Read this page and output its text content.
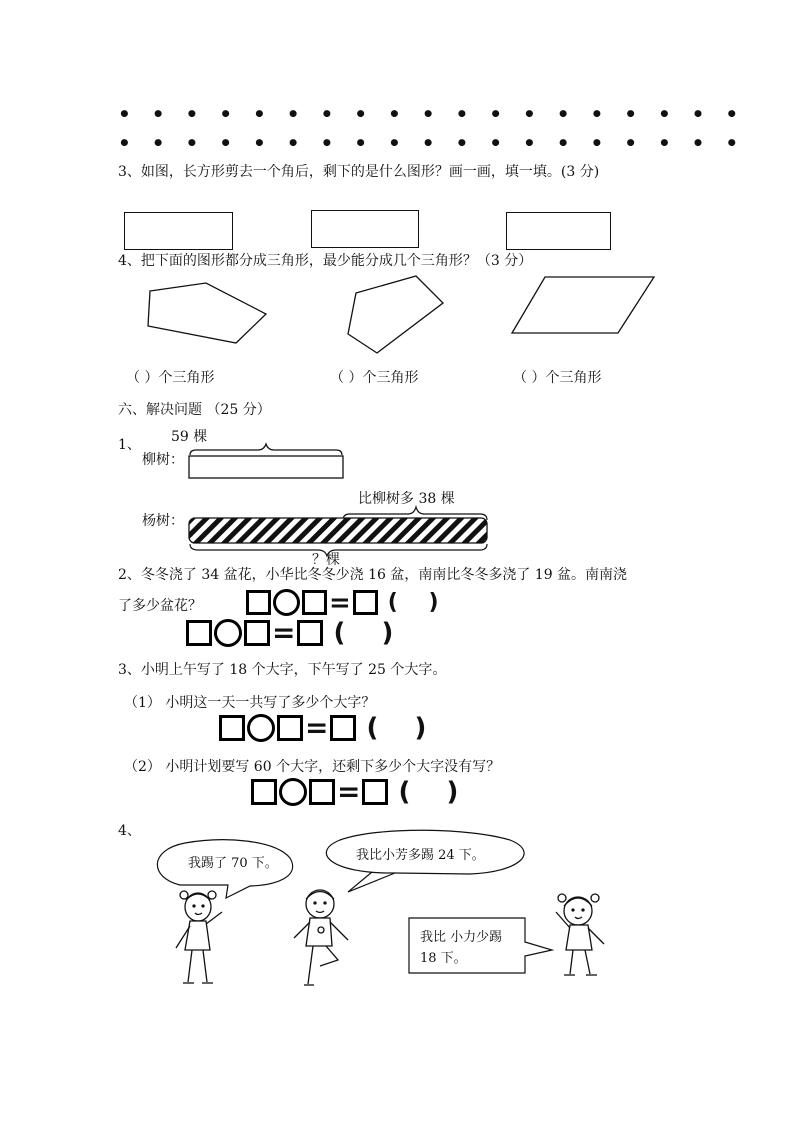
• • • • • • • • • • • • • • • • • • •
• • • • • • • • • • • • • • • • • • •
3、如图，长方形剪去一个角后，剩下的是什么图形？画一画，填一填。(3 分)
4、把下面的图形都分成三角形，最少能分成几个三角形？（3 分）
（ ）个三角形	（ ）个三角形	（ ）个三角形
六、解决问题 （25 分）
1、 59 棵
柳树：
杨树：
比柳树多 38 棵
？棵
2、冬冬浇了 34 盆花，小华比冬冬少浇 16 盆，南南比冬冬多浇了 19 盆。南南浇
了多少盆花？	= (    )
= (    )
3、小明上午写了 18 个大字，下午写了 25 个大字。
（1） 小明这一天一共写了多少个大字？
= (    )
（2） 小明计划要写 60 个大字，还剩下多少个大字没有写？
= (    )
4、
我踢了 70 下。
我比小芳多踢 24 下。
我比 小力少踢
18 下。
